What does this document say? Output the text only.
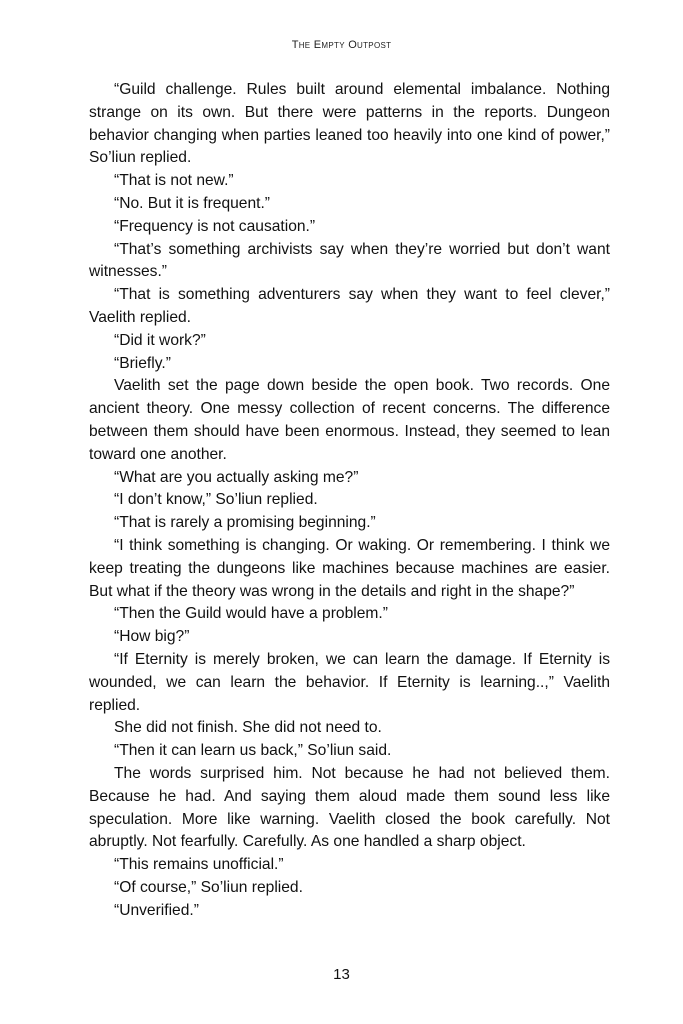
The Empty Outpost

“Guild challenge. Rules built around elemental imbalance. Nothing strange on its own. But there were patterns in the reports. Dungeon behavior changing when parties leaned too heavily into one kind of power,” So’liun replied.

“That is not new.”

“No. But it is frequent.”

“Frequency is not causation.”

“That’s something archivists say when they’re worried but don’t want witnesses.”

“That is something adventurers say when they want to feel clever,” Vaelith replied.

“Did it work?”

“Briefly.”

Vaelith set the page down beside the open book. Two records. One ancient theory. One messy collection of recent concerns. The difference between them should have been enormous. Instead, they seemed to lean toward one another.

“What are you actually asking me?”

“I don’t know,” So’liun replied.

“That is rarely a promising beginning.”

“I think something is changing. Or waking. Or remembering. I think we keep treating the dungeons like machines because machines are easier. But what if the theory was wrong in the details and right in the shape?”

“Then the Guild would have a problem.”

“How big?”

“If Eternity is merely broken, we can learn the damage. If Eternity is wounded, we can learn the behavior. If Eternity is learning..,” Vaelith replied.

She did not finish. She did not need to.

“Then it can learn us back,” So’liun said.

The words surprised him. Not because he had not believed them. Because he had. And saying them aloud made them sound less like speculation. More like warning. Vaelith closed the book carefully. Not abruptly. Not fearfully. Carefully. As one handled a sharp object.

“This remains unofficial.”

“Of course,” So’liun replied.

“Unverified.”

13
